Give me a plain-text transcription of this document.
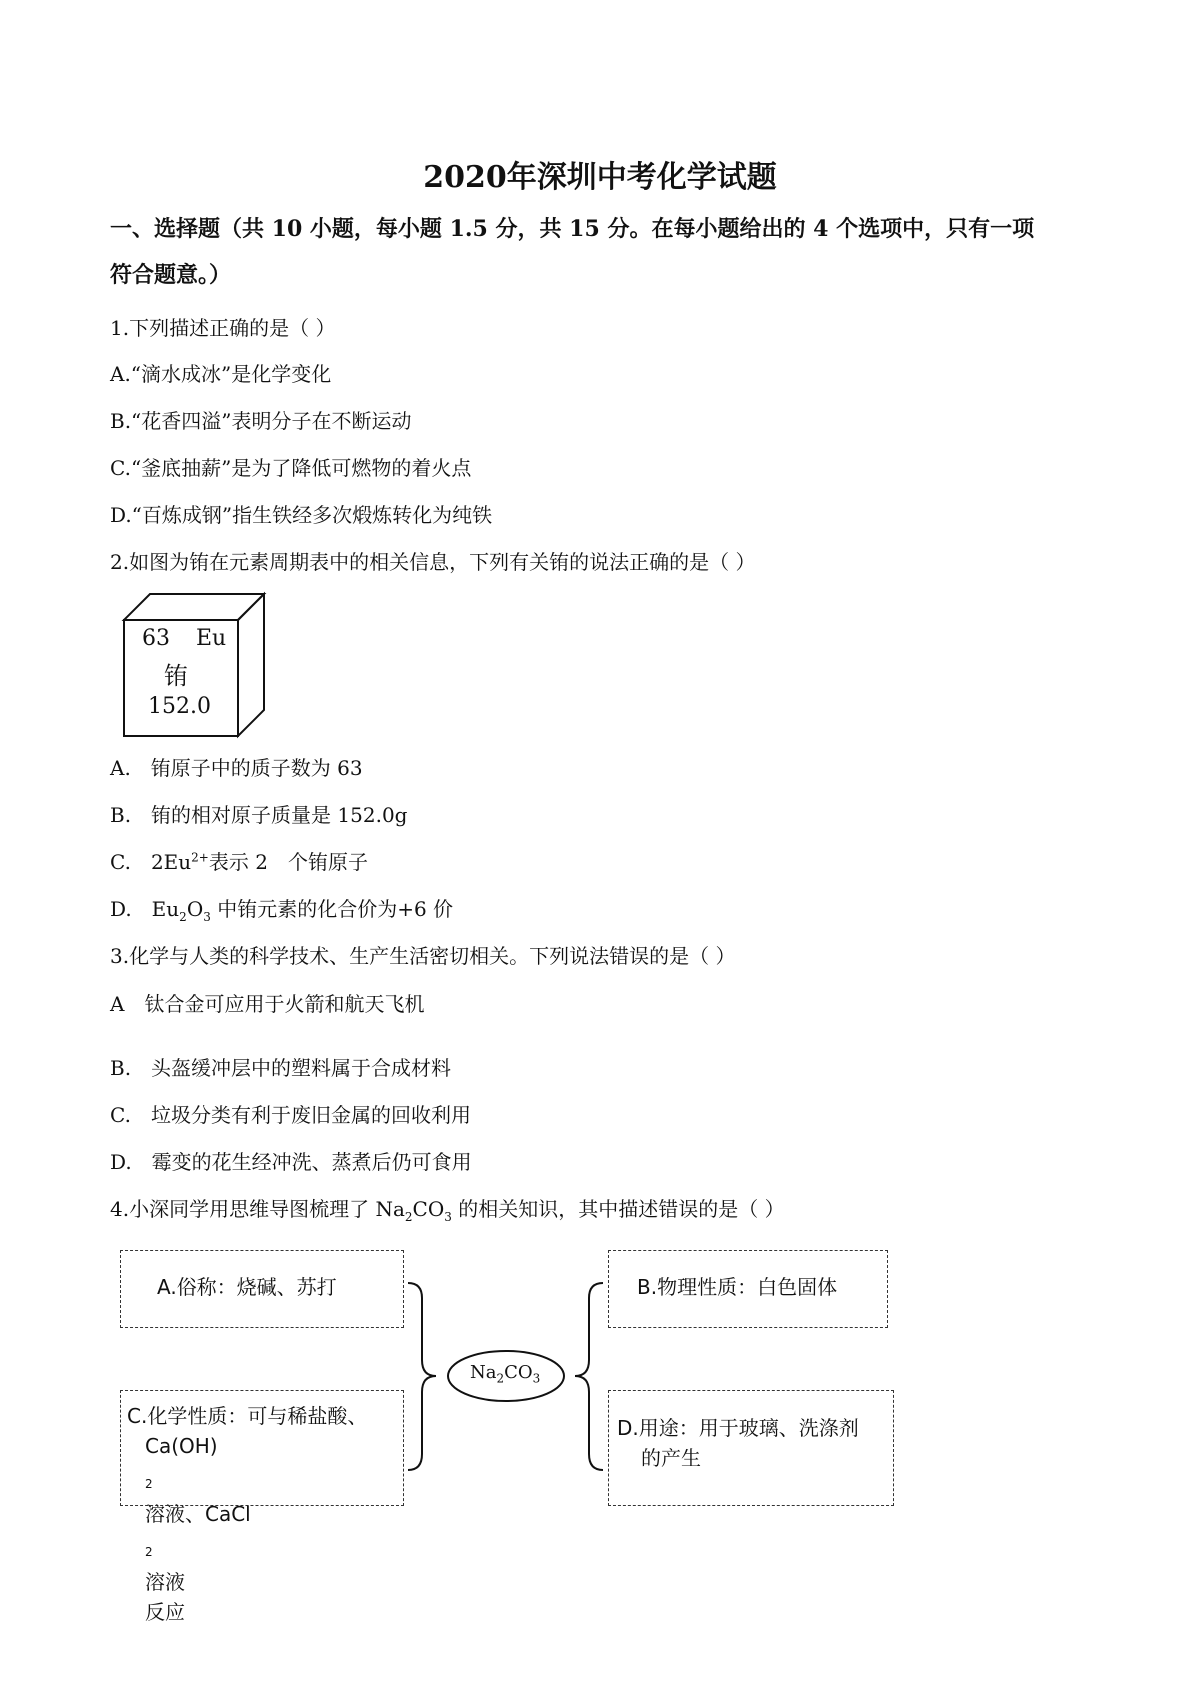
2020年深圳中考化学试题
一、选择题（共 10 小题，每小题 1.5 分，共 15 分。在每小题给出的 4 个选项中，只有一项
符合题意。）
1.下列描述正确的是（ ）
A.“滴水成冰”是化学变化
B.“花香四溢”表明分子在不断运动
C.“釜底抽薪”是为了降低可燃物的着火点
D.“百炼成钢”指生铁经多次煅炼转化为纯铁
2.如图为铕在元素周期表中的相关信息，下列有关铕的说法正确的是（ ）
63 Eu
铕
152.0
A.　铕原子中的质子数为 63
B.　铕的相对原子质量是 152.0g
C.　$2Eu^{2+}$表示 2　个铕原子
D.　$Eu_2O_3$ 中铕元素的化合价为+6 价
3.化学与人类的科学技术、生产生活密切相关。下列说法错误的是（ ）
A　钛合金可应用于火箭和航天飞机
B.　头盔缓冲层中的塑料属于合成材料
C.　垃圾分类有利于废旧金属的回收利用
D.　霉变的花生经冲洗、蒸煮后仍可食用
4.小深同学用思维导图梳理了 $Na_2CO_3$ 的相关知识，其中描述错误的是（ ）
$Na_2CO_3$
A.俗称：烧碱、苏打	B.物理性质：白色固体
C.化学性质：可与稀盐酸、
Ca(OH)
$_2$
溶液、CaCl
$_2$
溶液
反应
D.用途：用于玻璃、洗涤剂
的产生
